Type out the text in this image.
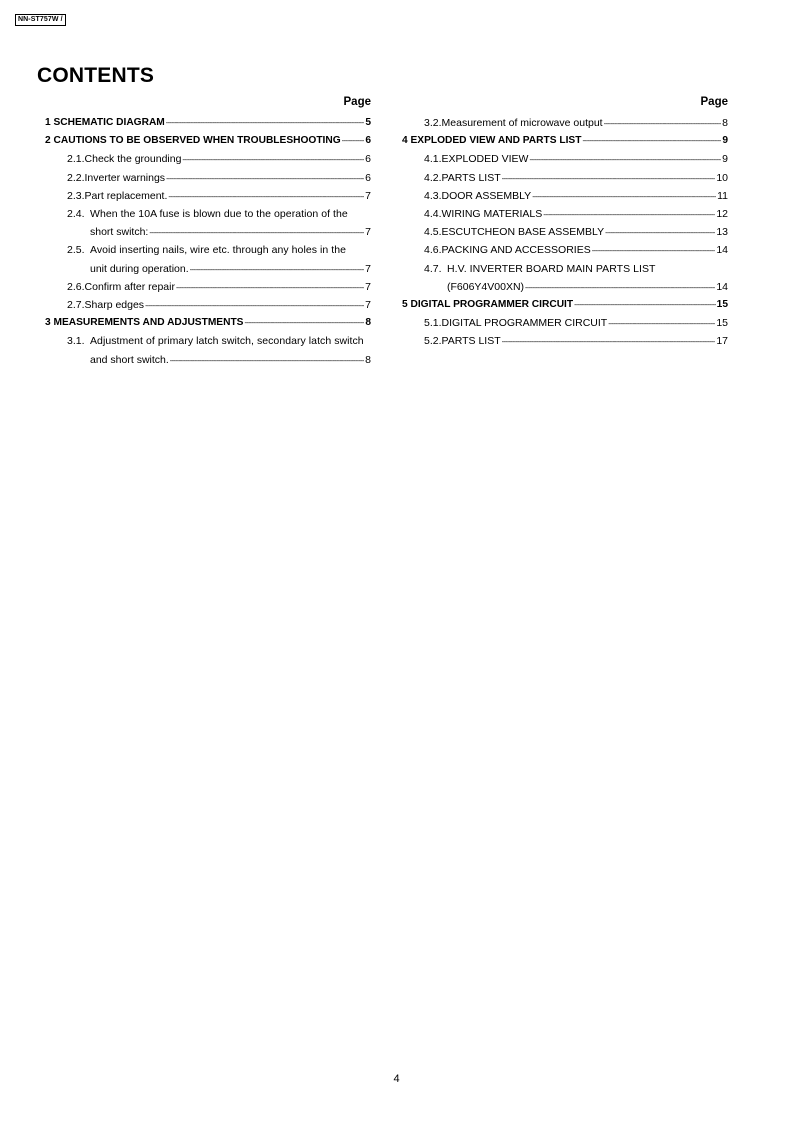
NN-ST757W /
CONTENTS
Page
1 SCHEMATIC DIAGRAM -----	5
2 CAUTIONS TO BE OBSERVED WHEN TROUBLESHOOTING ----- 6
2.1. Check the grounding -----	6
2.2. Inverter warnings -----	6
2.3. Part replacement. -----	7
2.4. When the 10A fuse is blown due to the operation of the
short switch: -----	7
2.5. Avoid inserting nails, wire etc. through any holes in the
unit during operation. -----	7
2.6. Confirm after repair -----	7
2.7. Sharp edges -----	7
3 MEASUREMENTS AND ADJUSTMENTS -----	8
3.1. Adjustment of primary latch switch, secondary latch switch
and short switch. -----	8
Page
3.2. Measurement of microwave output -----	8
4 EXPLODED VIEW AND PARTS LIST -----	9
4.1. EXPLODED VIEW -----	9
4.2. PARTS LIST -----	10
4.3. DOOR ASSEMBLY -----	11
4.4. WIRING MATERIALS -----	12
4.5. ESCUTCHEON BASE ASSEMBLY -----	13
4.6. PACKING AND ACCESSORIES -----	14
4.7. H.V. INVERTER BOARD MAIN PARTS LIST
(F606Y4V00XN) -----	14
5 DIGITAL PROGRAMMER CIRCUIT -----	15
5.1. DIGITAL PROGRAMMER CIRCUIT -----	15
5.2. PARTS LIST -----	17
4
